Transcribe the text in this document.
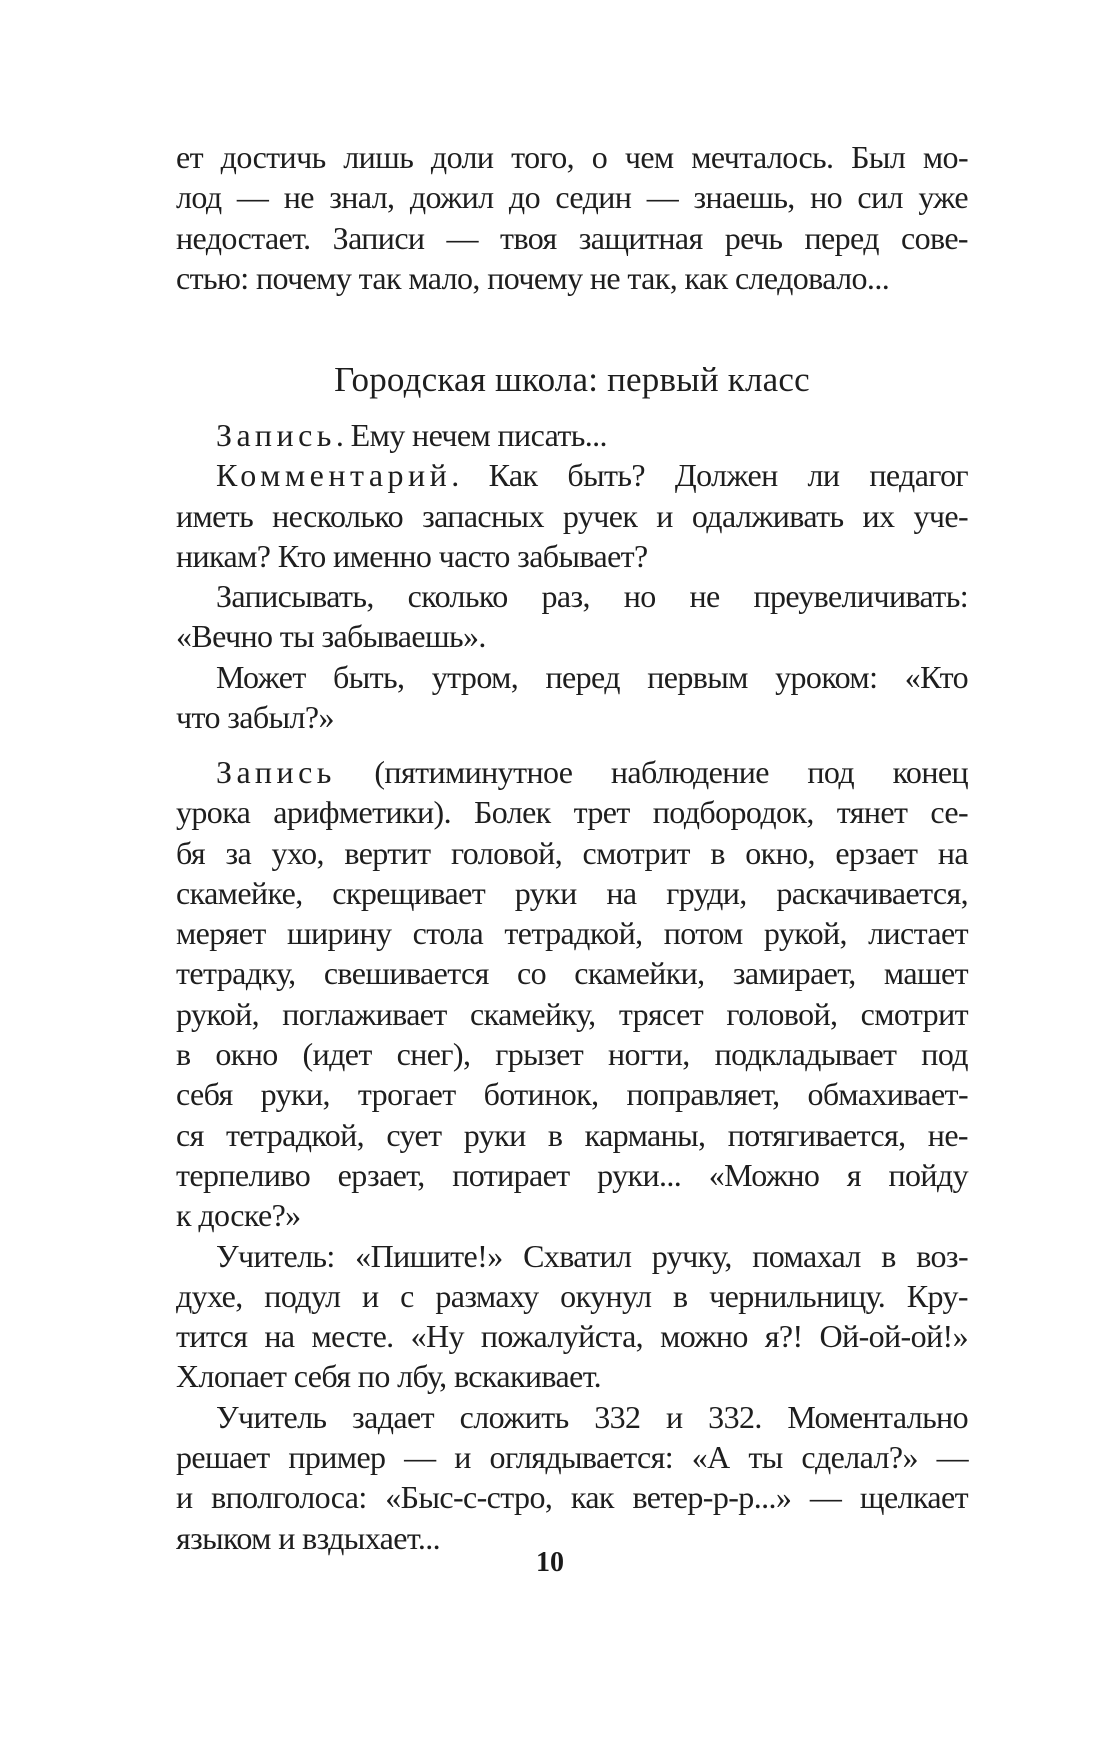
ет достичь лишь доли того, о чем мечталось. Был мо-
лод — не знал, дожил до седин — знаешь, но сил уже
недостает. Записи — твоя защитная речь перед сове-
стью: почему так мало, почему не так, как следовало...
Городская школа: первый класс
Запись. Ему нечем писать...
Комментарий. Как быть? Должен ли педагог
иметь несколько запасных ручек и одалживать их уче-
никам? Кто именно часто забывает?
Записывать, сколько раз, но не преувеличивать:
«Вечно ты забываешь».
Может быть, утром, перед первым уроком: «Кто
что забыл?»
Запись (пятиминутное наблюдение под конец
урока арифметики). Болек трет подбородок, тянет се-
бя за ухо, вертит головой, смотрит в окно, ерзает на
скамейке, скрещивает руки на груди, раскачивается,
меряет ширину стола тетрадкой, потом рукой, листает
тетрадку, свешивается со скамейки, замирает, машет
рукой, поглаживает скамейку, трясет головой, смотрит
в окно (идет снег), грызет ногти, подкладывает под
себя руки, трогает ботинок, поправляет, обмахивает-
ся тетрадкой, сует руки в карманы, потягивается, не-
терпеливо ерзает, потирает руки... «Можно я пойду
к доске?»
Учитель: «Пишите!» Схватил ручку, помахал в воз-
духе, подул и с размаху окунул в чернильницу. Кру-
тится на месте. «Ну пожалуйста, можно я?! Ой-ой-ой!»
Хлопает себя по лбу, вскакивает.
Учитель задает сложить 332 и 332. Моментально
решает пример — и оглядывается: «А ты сделал?» —
и вполголоса: «Быс-с-стро, как ветер-р-р...» — щелкает
языком и вздыхает...
10
